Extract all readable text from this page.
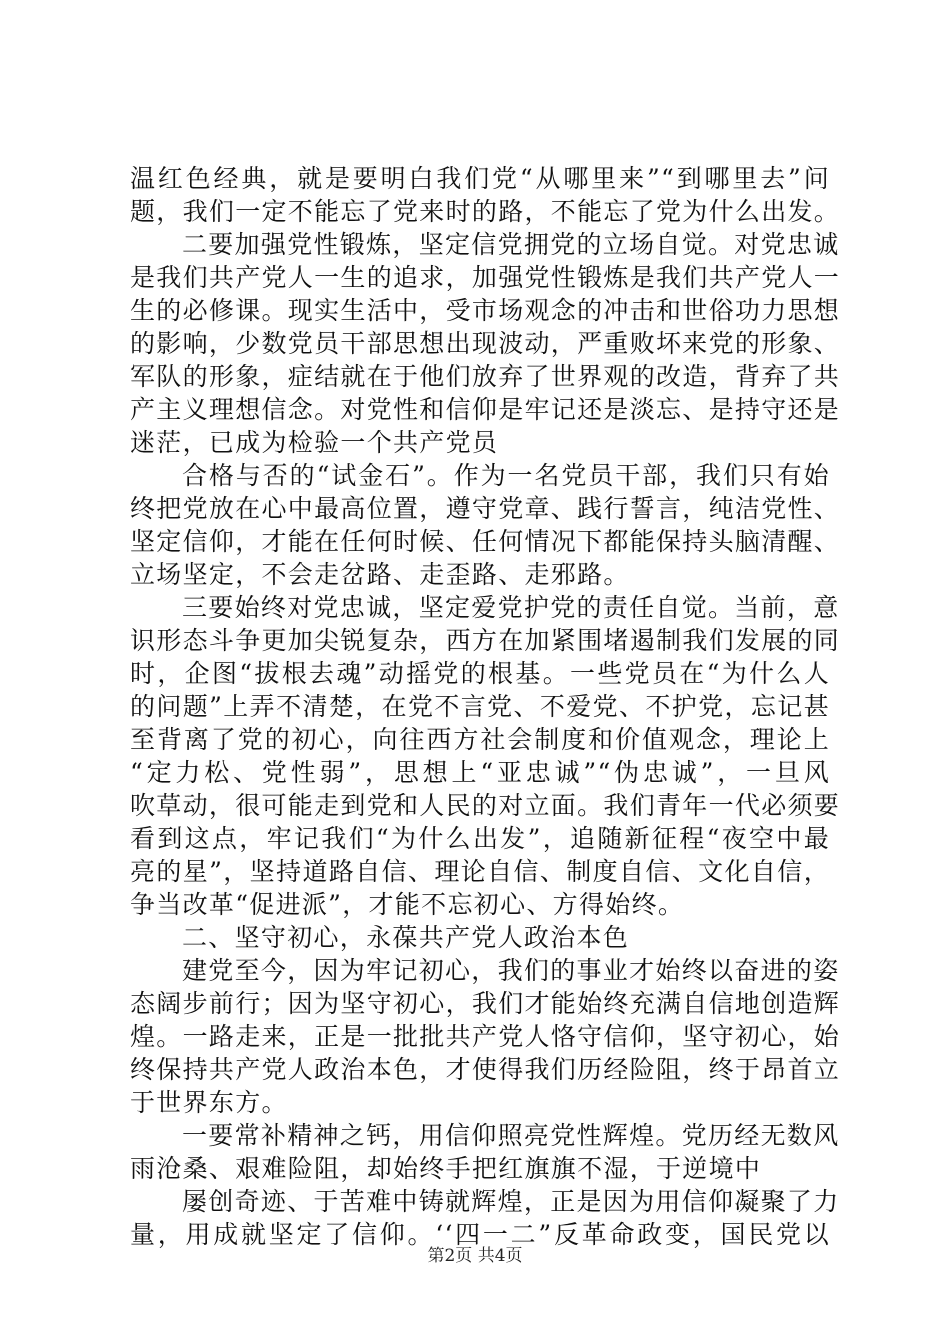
温红色经典，就是要明白我们党“从哪里来”“到哪里去”问
题，我们一定不能忘了党来时的路，不能忘了党为什么出发。
二要加强党性锻炼，坚定信党拥党的立场自觉。对党忠诚
是我们共产党人一生的追求，加强党性锻炼是我们共产党人一
生的必修课。现实生活中，受市场观念的冲击和世俗功力思想
的影响，少数党员干部思想出现波动，严重败坏来党的形象、
军队的形象，症结就在于他们放弃了世界观的改造，背弃了共
产主义理想信念。对党性和信仰是牢记还是淡忘、是持守还是
迷茫，已成为检验一个共产党员
合格与否的“试金石”。作为一名党员干部，我们只有始
终把党放在心中最高位置，遵守党章、践行誓言，纯洁党性、
坚定信仰，才能在任何时候、任何情况下都能保持头脑清醒、
立场坚定，不会走岔路、走歪路、走邪路。
三要始终对党忠诚，坚定爱党护党的责任自觉。当前，意
识形态斗争更加尖锐复杂，西方在加紧围堵遏制我们发展的同
时，企图“拔根去魂”动摇党的根基。一些党员在“为什么人
的问题”上弄不清楚，在党不言党、不爱党、不护党，忘记甚
至背离了党的初心，向往西方社会制度和价值观念，理论上
“定力松、党性弱”，思想上“亚忠诚”“伪忠诚”，一旦风
吹草动，很可能走到党和人民的对立面。我们青年一代必须要
看到这点，牢记我们“为什么出发”，追随新征程“夜空中最
亮的星”，坚持道路自信、理论自信、制度自信、文化自信，
争当改革“促进派”，才能不忘初心、方得始终。
二、坚守初心，永葆共产党人政治本色
建党至今，因为牢记初心，我们的事业才始终以奋进的姿
态阔步前行；因为坚守初心，我们才能始终充满自信地创造辉
煌。一路走来，正是一批批共产党人恪守信仰，坚守初心，始
终保持共产党人政治本色，才使得我们历经险阻，终于昂首立
于世界东方。
一要常补精神之钙，用信仰照亮党性辉煌。党历经无数风
雨沧桑、艰难险阻，却始终手把红旗旗不湿，于逆境中
屡创奇迹、于苦难中铸就辉煌，正是因为用信仰凝聚了力
量，用成就坚定了信仰。‘‘四一二”反革命政变，国民党以
第2页 共4页
